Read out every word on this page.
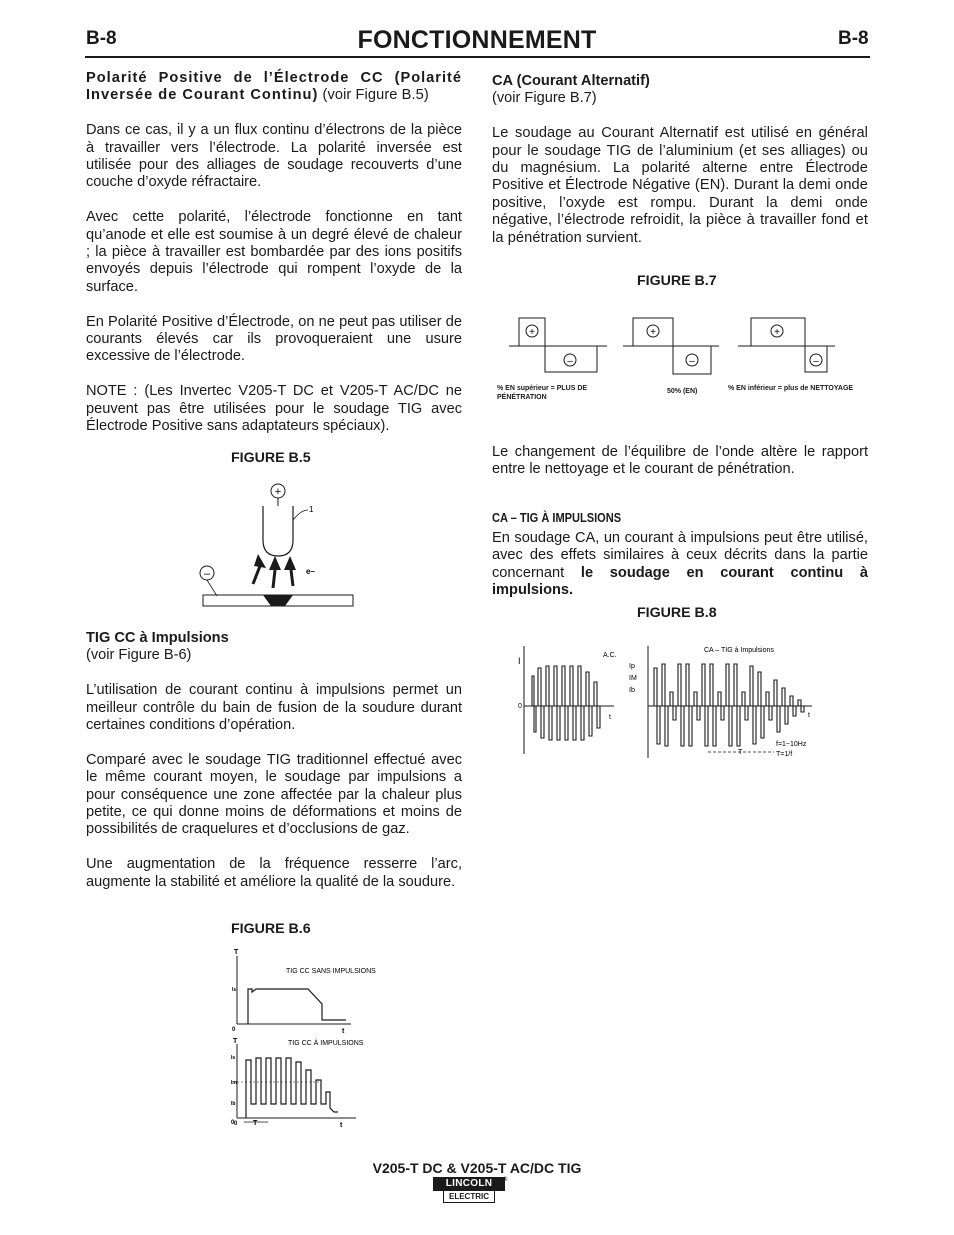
B-8	FONCTIONNEMENT	B-8

Polarité Positive de l’Électrode CC (Polarité Inversée de Courant Continu) (voir Figure B.5)

Dans ce cas, il y a un flux continu d’électrons de la pièce à travailler vers l’électrode. La polarité inversée est utilisée pour des alliages de soudage recouverts d’une couche d’oxyde réfractaire.

Avec cette polarité, l’électrode fonctionne en tant qu’anode et elle est soumise à un degré élevé de chaleur ; la pièce à travailler est bombardée par des ions positifs envoyés depuis l’électrode qui rompent l’oxyde de la surface.

En Polarité Positive d’Électrode, on ne peut pas utiliser de courants élevés car ils provoqueraient une usure excessive de l’électrode.

NOTE : (Les Invertec V205-T DC et V205-T AC/DC ne peuvent pas être utilisées pour le soudage TIG avec Électrode Positive sans adaptateurs spéciaux).

FIGURE B.5
+
1
e–
–

TIG CC à Impulsions
(voir Figure B-6)

L’utilisation de courant continu à impulsions permet un meilleur contrôle du bain de fusion de la soudure durant certaines conditions d’opération.

Comparé avec le soudage TIG traditionnel effectué avec le même courant moyen, le soudage par impulsions a pour conséquence une zone affectée par la chaleur plus petite, ce qui donne moins de déformations et moins de possibilités de craquelures et d’occlusions de gaz.

Une augmentation de la fréquence resserre l’arc, augmente la stabilité et améliore la qualité de la soudure.

FIGURE B.6
T
Is
0	t
TIG CC SANS IMPULSIONS
T	TIG CC À IMPULSIONS
Is
Im
Ib
0	t
T
0

CA (Courant Alternatif)
(voir Figure B.7)

Le soudage au Courant Alternatif est utilisé en général pour le soudage TIG de l’aluminium (et ses alliages) ou du magnésium. La polarité alterne entre Électrode Positive et Électrode Négative (EN). Durant la demi onde positive, l’oxyde est rompu. Durant la demi onde négative, l’électrode refroidit, la pièce à travailler fond et la pénétration survient.

FIGURE B.7
+
–
+
–
+
–
% EN supérieur = PLUS DE PÉNÉTRATION
50% (EN)	% EN inférieur = plus de NETTOYAGE

Le changement de l’équilibre de l’onde altère le rapport entre le nettoyage et le courant de pénétration.

CA – TIG À IMPULSIONS

En soudage CA, un courant à impulsions peut être utilisé, avec des effets similaires à ceux décrits dans la partie concernant le soudage en courant continu à impulsions.

FIGURE B.8
I
0
A.C.
t
Ip
IM
Ib
CA – TIG à Impulsions
t
T
f=1~10Hz
T=1/f
V205-T DC & V205-T AC/DC TIG
LINCOLN
ELECTRIC
®
